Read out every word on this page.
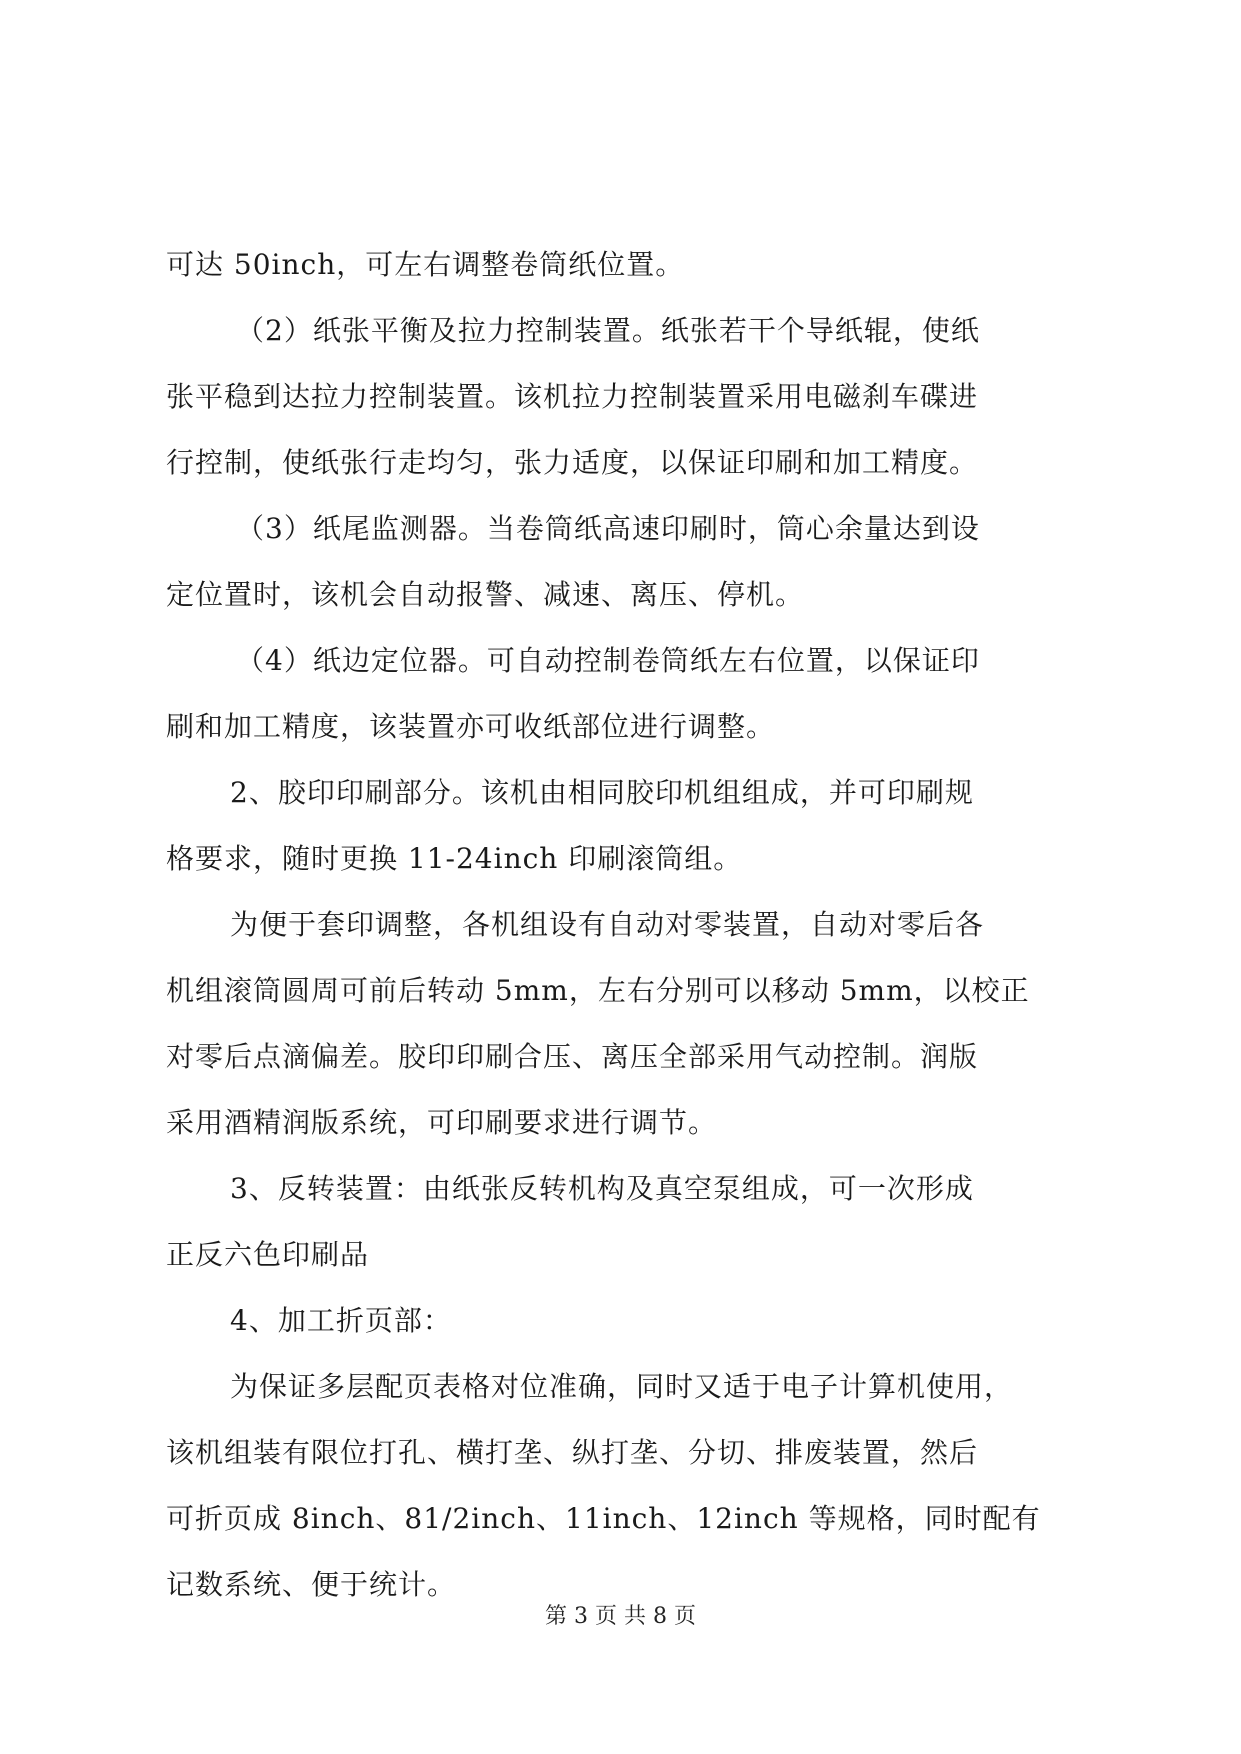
可达 50inch，可左右调整卷筒纸位置。
（2）纸张平衡及拉力控制装置。纸张若干个导纸辊，使纸
张平稳到达拉力控制装置。该机拉力控制装置采用电磁刹车碟进
行控制，使纸张行走均匀，张力适度，以保证印刷和加工精度。
（3）纸尾监测器。当卷筒纸高速印刷时，筒心余量达到设
定位置时，该机会自动报警、减速、离压、停机。
（4）纸边定位器。可自动控制卷筒纸左右位置，以保证印
刷和加工精度，该装置亦可收纸部位进行调整。
2、胶印印刷部分。该机由相同胶印机组组成，并可印刷规
格要求，随时更换 11-24inch 印刷滚筒组。
为便于套印调整，各机组设有自动对零装置，自动对零后各
机组滚筒圆周可前后转动 5mm，左右分别可以移动 5mm，以校正
对零后点滴偏差。胶印印刷合压、离压全部采用气动控制。润版
采用酒精润版系统，可印刷要求进行调节。
3、反转装置：由纸张反转机构及真空泵组成，可一次形成
正反六色印刷品
4、加工折页部：
为保证多层配页表格对位准确，同时又适于电子计算机使用，
该机组装有限位打孔、横打垄、纵打垄、分切、排废装置，然后
可折页成 8inch、81/2inch、11inch、12inch 等规格，同时配有
记数系统、便于统计。
第 3 页 共 8 页
